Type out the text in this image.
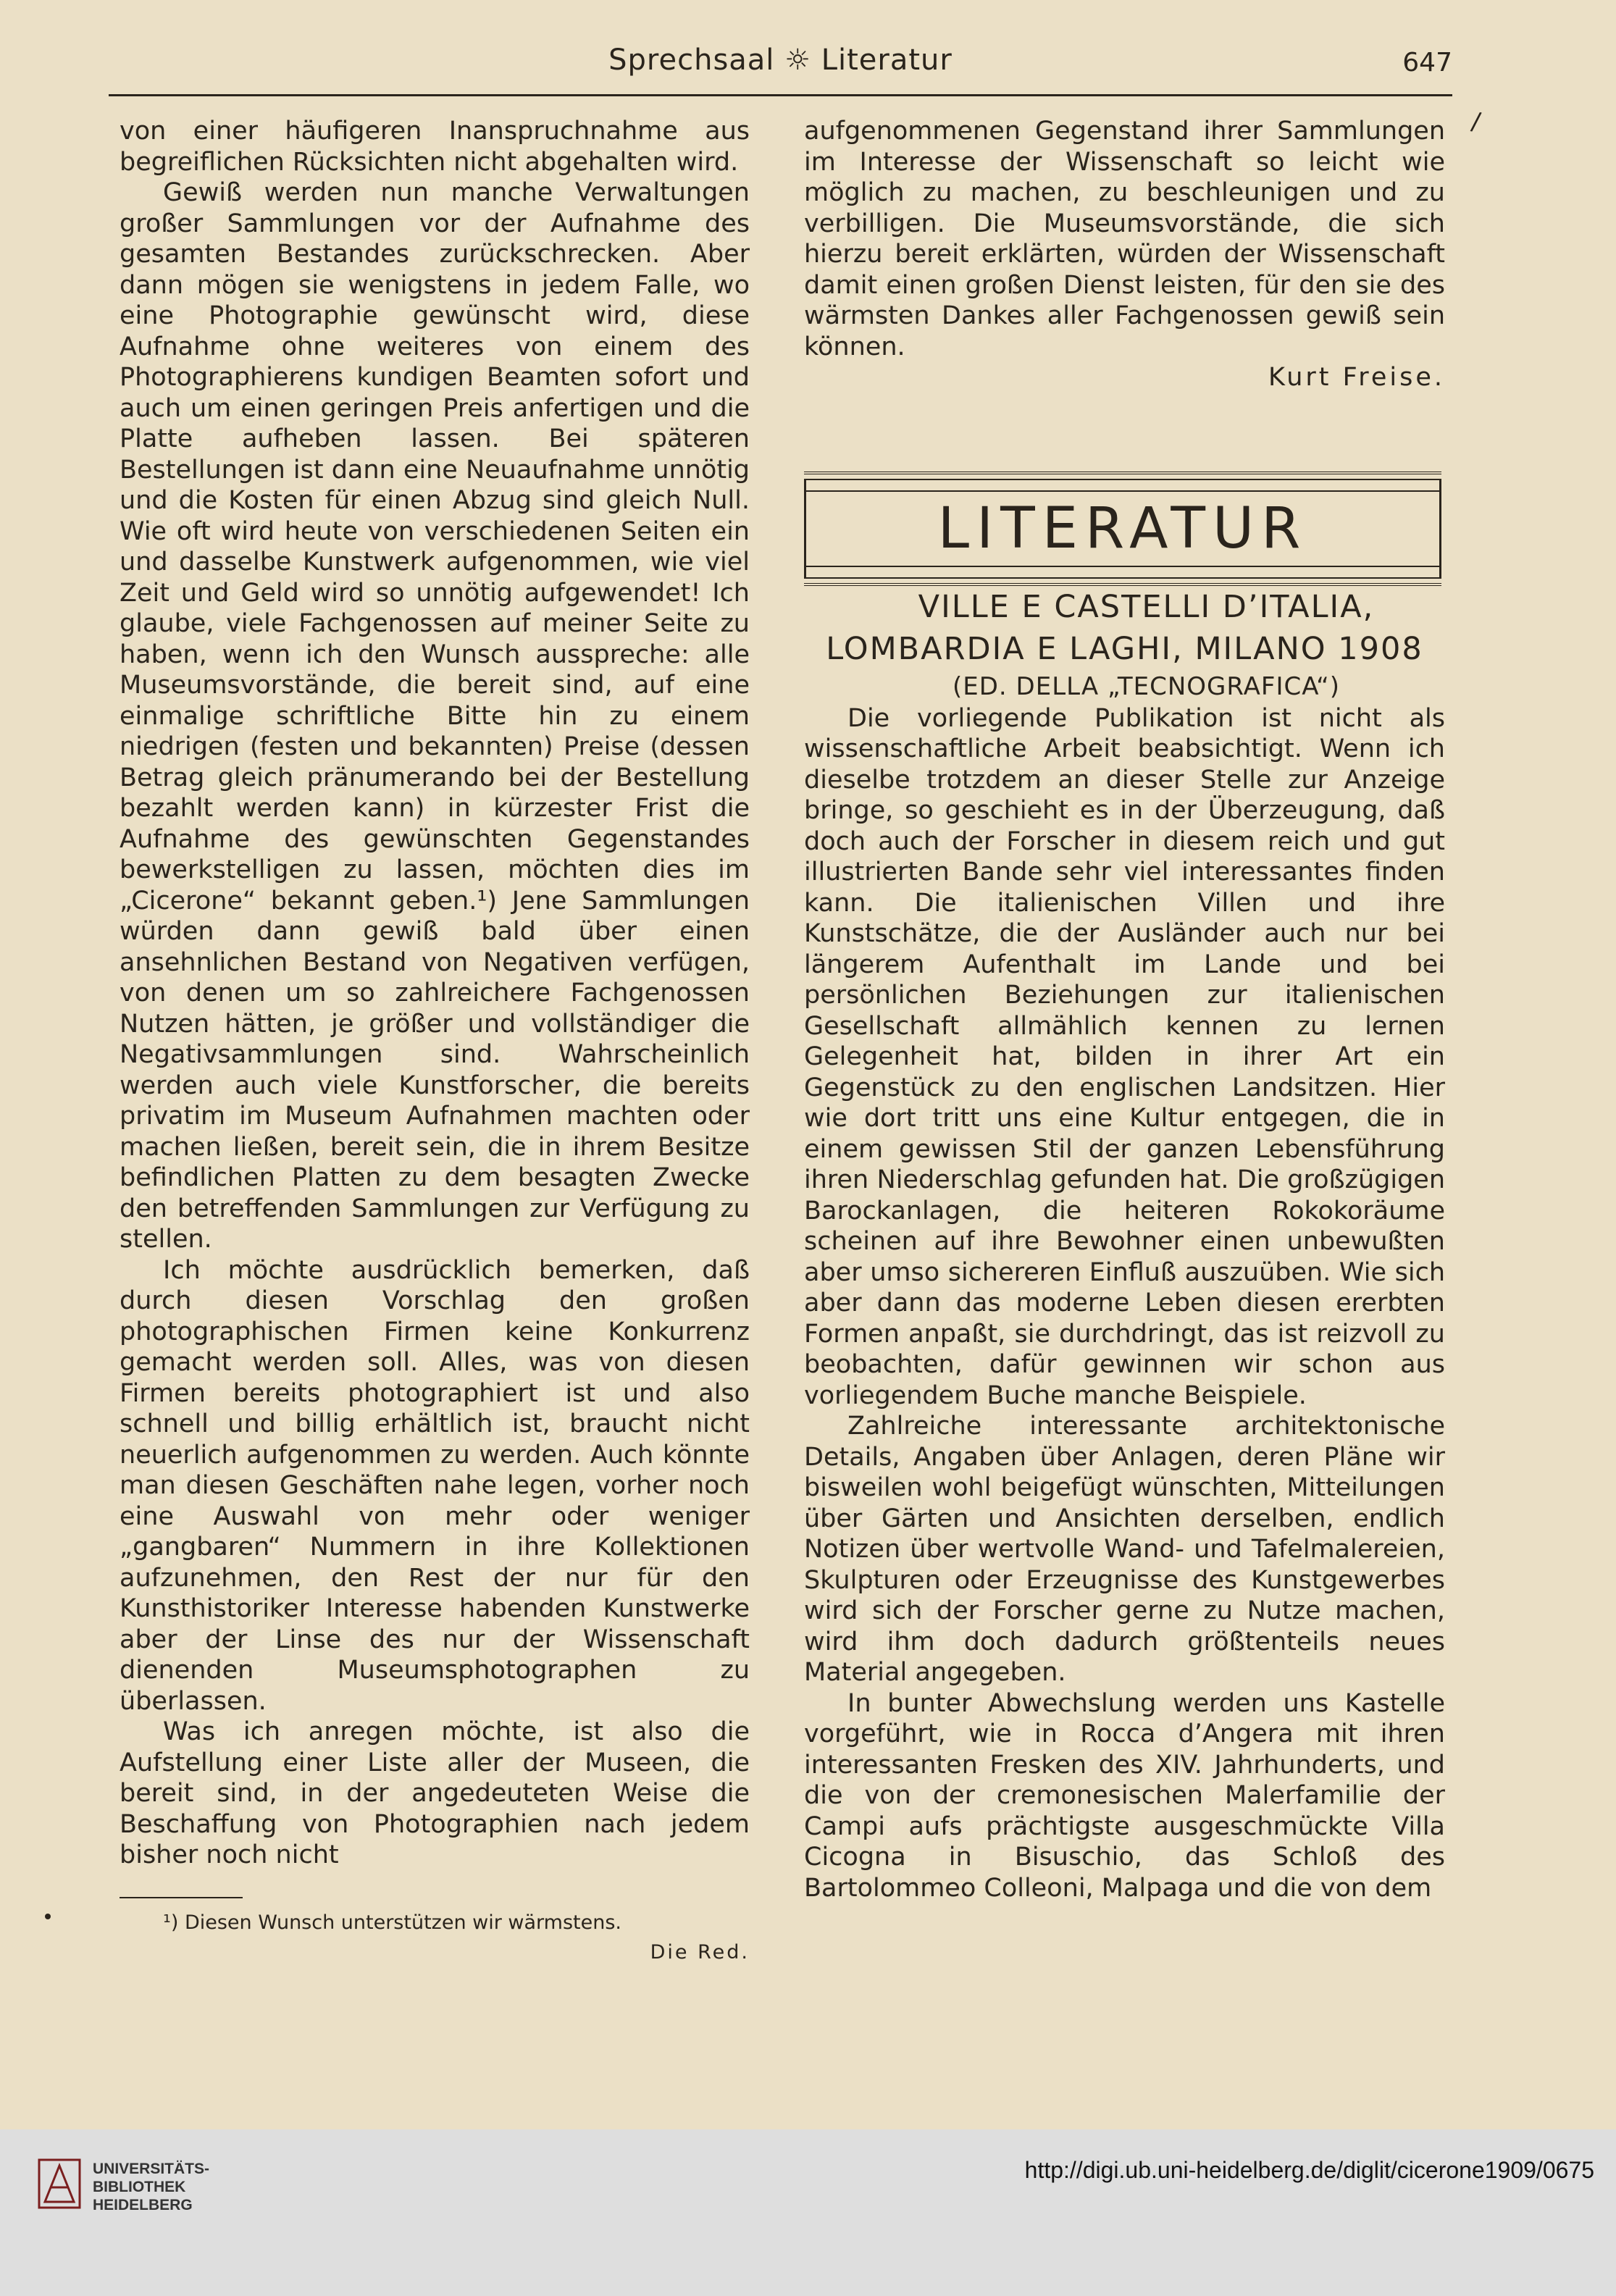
Sprechsaal ☼ Literatur	647
/

von einer häufigeren Inanspruchnahme aus begreiflichen Rücksichten nicht abgehalten wird.

Gewiß werden nun manche Verwaltungen großer Sammlungen vor der Aufnahme des gesamten Bestandes zurückschrecken. Aber dann mögen sie wenigstens in jedem Falle, wo eine Photographie gewünscht wird, diese Aufnahme ohne weiteres von einem des Photographierens kundigen Beamten sofort und auch um einen geringen Preis anfertigen und die Platte aufheben lassen. Bei späteren Bestellungen ist dann eine Neuaufnahme unnötig und die Kosten für einen Abzug sind gleich Null. Wie oft wird heute von verschiedenen Seiten ein und dasselbe Kunstwerk aufgenommen, wie viel Zeit und Geld wird so unnötig aufgewendet! Ich glaube, viele Fachgenossen auf meiner Seite zu haben, wenn ich den Wunsch ausspreche: alle Museumsvorstände, die bereit sind, auf eine einmalige schriftliche Bitte hin zu einem niedrigen (festen und bekannten) Preise (dessen Betrag gleich pränumerando bei der Bestellung bezahlt werden kann) in kürzester Frist die Aufnahme des gewünschten Gegenstandes bewerkstelligen zu lassen, möchten dies im „Cicerone“ bekannt geben.¹) Jene Sammlungen würden dann gewiß bald über einen ansehnlichen Bestand von Negativen verfügen, von denen um so zahlreichere Fachgenossen Nutzen hätten, je größer und vollständiger die Negativsammlungen sind. Wahrscheinlich werden auch viele Kunstforscher, die bereits privatim im Museum Aufnahmen machten oder machen ließen, bereit sein, die in ihrem Besitze befindlichen Platten zu dem besagten Zwecke den betreffenden Sammlungen zur Verfügung zu stellen.

Ich möchte ausdrücklich bemerken, daß durch diesen Vorschlag den großen photographischen Firmen keine Konkurrenz gemacht werden soll. Alles, was von diesen Firmen bereits photographiert ist und also schnell und billig erhältlich ist, braucht nicht neuerlich aufgenommen zu werden. Auch könnte man diesen Geschäften nahe legen, vorher noch eine Auswahl von mehr oder weniger „gangbaren“ Nummern in ihre Kollektionen aufzunehmen, den Rest der nur für den Kunsthistoriker Interesse habenden Kunstwerke aber der Linse des nur der Wissenschaft dienenden Museumsphotographen zu überlassen.

Was ich anregen möchte, ist also die Aufstellung einer Liste aller der Museen, die bereit sind, in der angedeuteten Weise die Beschaffung von Photographien nach jedem bisher noch nicht

¹) Diesen Wunsch unterstützen wir wärmstens.

Die Red.

aufgenommenen Gegenstand ihrer Sammlungen im Interesse der Wissenschaft so leicht wie möglich zu machen, zu beschleunigen und zu verbilligen. Die Museumsvorstände, die sich hierzu bereit erklärten, würden der Wissenschaft damit einen großen Dienst leisten, für den sie des wärmsten Dankes aller Fachgenossen gewiß sein können.

Kurt Freise.

LITERATUR

VILLE E CASTELLI D’ITALIA, LOMBARDIA E LAGHI, MILANO 1908

(ED. DELLA „TECNOGRAFICA“)

Die vorliegende Publikation ist nicht als wissenschaftliche Arbeit beabsichtigt. Wenn ich dieselbe trotzdem an dieser Stelle zur Anzeige bringe, so geschieht es in der Überzeugung, daß doch auch der Forscher in diesem reich und gut illustrierten Bande sehr viel interessantes finden kann. Die italienischen Villen und ihre Kunstschätze, die der Ausländer auch nur bei längerem Aufenthalt im Lande und bei persönlichen Beziehungen zur italienischen Gesellschaft allmählich kennen zu lernen Gelegenheit hat, bilden in ihrer Art ein Gegenstück zu den englischen Landsitzen. Hier wie dort tritt uns eine Kultur entgegen, die in einem gewissen Stil der ganzen Lebensführung ihren Niederschlag gefunden hat. Die großzügigen Barockanlagen, die heiteren Rokokoräume scheinen auf ihre Bewohner einen unbewußten aber umso sichereren Einfluß auszuüben. Wie sich aber dann das moderne Leben diesen ererbten Formen anpaßt, sie durchdringt, das ist reizvoll zu beobachten, dafür gewinnen wir schon aus vorliegendem Buche manche Beispiele.

Zahlreiche interessante architektonische Details, Angaben über Anlagen, deren Pläne wir bisweilen wohl beigefügt wünschten, Mitteilungen über Gärten und Ansichten derselben, endlich Notizen über wertvolle Wand- und Tafelmalereien, Skulpturen oder Erzeugnisse des Kunstgewerbes wird sich der Forscher gerne zu Nutze machen, wird ihm doch dadurch größtenteils neues Material angegeben.

In bunter Abwechslung werden uns Kastelle vorgeführt, wie in Rocca d’Angera mit ihren interessanten Fresken des XIV. Jahrhunderts, und die von der cremonesischen Malerfamilie der Campi aufs prächtigste ausgeschmückte Villa Cicogna in Bisuschio, das Schloß des Bartolommeo Colleoni, Malpaga und die von dem

UNIVERSITÄTS-
BIBLIOTHEK
HEIDELBERG
http://digi.ub.uni-heidelberg.de/diglit/cicerone1909/0675
